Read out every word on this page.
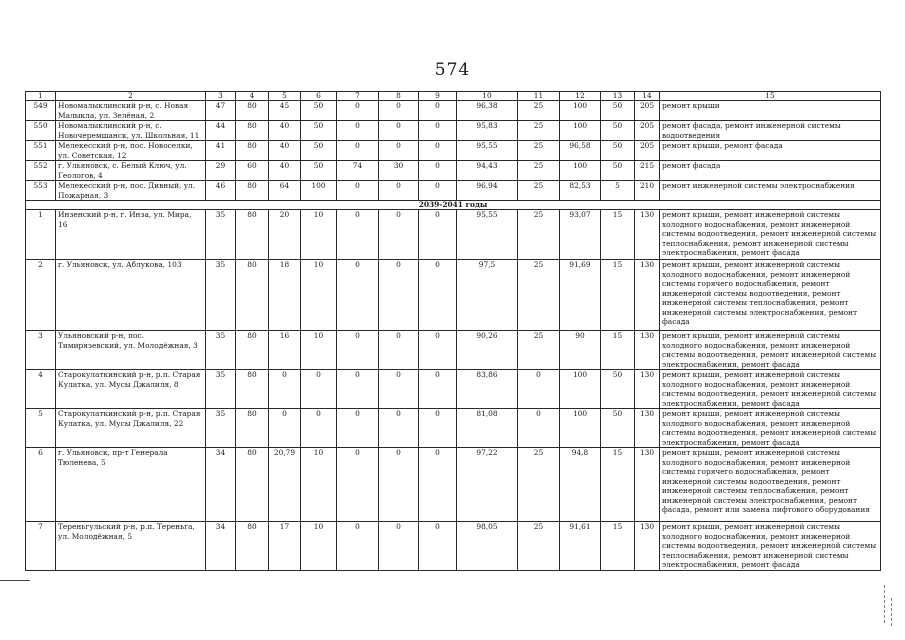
574
1	2	3	4	5	6	7	8	9	10	11	12	13	14	15
549	Новомалыклинский р-н, с. Новая Малыкла, ул. Зелёная, 2	47	80	45	50	0	0	0	96,38	25	100	50	205	ремонт крыши
550	Новомалыклинский р-н, с. Новочеремшанск, ул. Школьная, 11	44	80	40	50	0	0	0	95,83	25	100	50	205	ремонт фасада, ремонт инженерной системы водоотведения
551	Мелекесский р-н, пос. Новоселки, ул. Советская, 12	41	80	40	50	0	0	0	95,55	25	96,58	50	205	ремонт крыши, ремонт фасада
552	г. Ульяновск, с. Белый Ключ, ул. Геологов, 4	29	60	40	50	74	30	0	94,43	25	100	50	215	ремонт фасада
553	Мелекесский р-н, пос. Дивный, ул. Пожарная, 3	46	80	64	100	0	0	0	96,94	25	82,53	5	210	ремонт инженерной системы электроснабжения
2039-2041 годы														
1	Инзенский р-н, г. Инза, ул. Мира, 16	35	80	20	10	0	0	0	95,55	25	93,07	15	130	ремонт крыши, ремонт инженерной системы холодного водоснабжения, ремонт инженерной системы водоотведения, ремонт инженерной системы теплоснабжения, ремонт инженерной системы электроснабжения, ремонт фасада
2	г. Ульяновск, ул. Аблукова, 103	35	80	18	10	0	0	0	97,5	25	91,69	15	130	ремонт крыши, ремонт инженерной системы холодного водоснабжения, ремонт инженерной системы горячего водоснабжения, ремонт инженерной системы водоотведения, ремонт инженерной системы теплоснабжения, ремонт инженерной системы электроснабжения, ремонт фасада
3	Ульяновский р-н, пос. Тимирязевский, ул. Молодёжная, 3	35	80	16	10	0	0	0	90,26	25	90	15	130	ремонт крыши, ремонт инженерной системы холодного водоснабжения, ремонт инженерной системы водоотведения, ремонт инженерной системы электроснабжения, ремонт фасада
4	Старокулаткинский р-н, р.п. Старая Кулатка, ул. Мусы Джалиля, 8	35	80	0	0	0	0	0	83,86	0	100	50	130	ремонт крыши, ремонт инженерной системы холодного водоснабжения, ремонт инженерной системы водоотведения, ремонт инженерной системы электроснабжения, ремонт фасада
5	Старокулаткинский р-н, р.п. Старая Кулатка, ул. Мусы Джалиля, 22	35	80	0	0	0	0	0	81,08	0	100	50	130	ремонт крыши, ремонт инженерной системы холодного водоснабжения, ремонт инженерной системы водоотведения, ремонт инженерной системы электроснабжения, ремонт фасада
6	г. Ульяновск, пр-т Генерала Тюленева, 5	34	80	20,79	10	0	0	0	97,22	25	94,8	15	130	ремонт крыши, ремонт инженерной системы холодного водоснабжения, ремонт инженерной системы горячего водоснабжения, ремонт инженерной системы водоотведения, ремонт инженерной системы теплоснабжения, ремонт инженерной системы электроснабжения, ремонт фасада, ремонт или замена лифтового оборудования
7	Тереньгульский р-н, р.п. Тереньга, ул. Молодёжная, 5	34	80	17	10	0	0	0	98,05	25	91,61	15	130	ремонт крыши, ремонт инженерной системы холодного водоснабжения, ремонт инженерной системы водоотведения, ремонт инженерной системы теплоснабжения, ремонт инженерной системы электроснабжения, ремонт фасада
